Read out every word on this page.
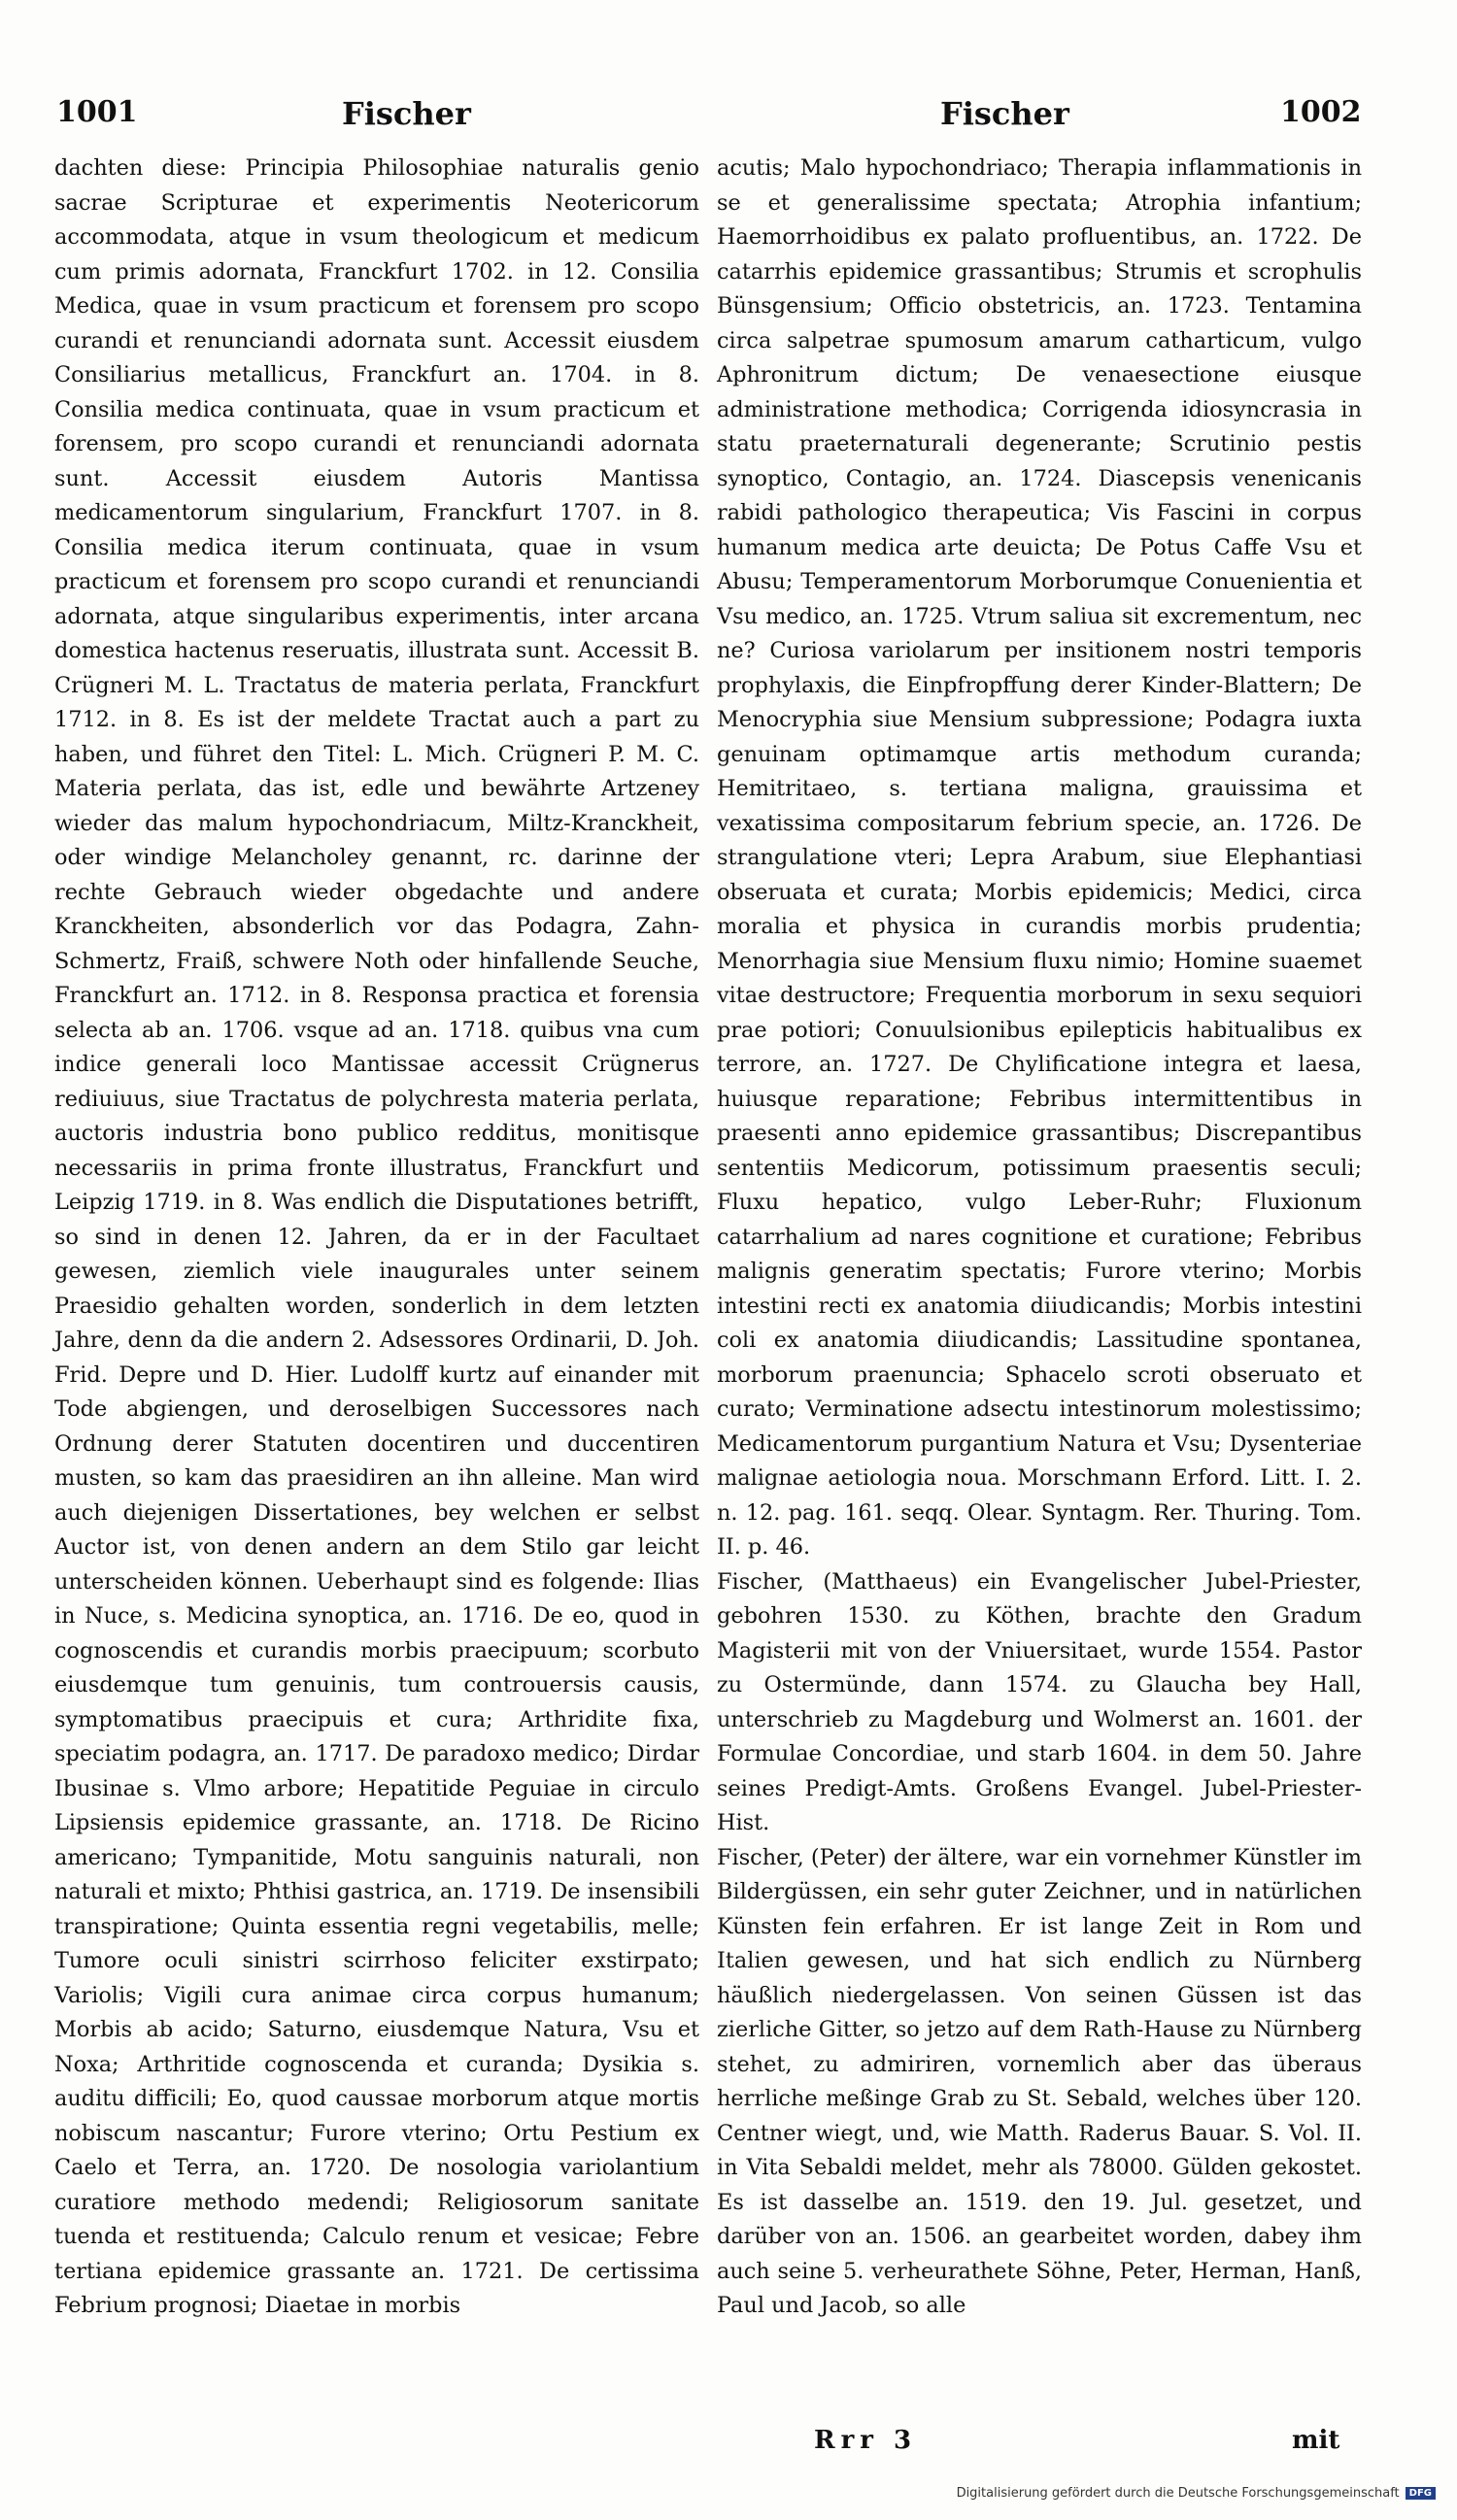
1001	Fischer	Fischer	1002

dachten diese: Principia Philosophiae naturalis genio sacrae Scripturae et experimentis Neotericorum accommodata, atque in vsum theologicum et medicum cum primis adornata, Franckfurt 1702. in 12. Consilia Medica, quae in vsum practicum et forensem pro scopo curandi et renunciandi adornata sunt. Accessit eiusdem Consiliarius metallicus, Franckfurt an. 1704. in 8. Consilia medica continuata, quae in vsum practicum et forensem, pro scopo curandi et renunciandi adornata sunt. Accessit eiusdem Autoris Mantissa medicamentorum singularium, Franckfurt 1707. in 8. Consilia medica iterum continuata, quae in vsum practicum et forensem pro scopo curandi et renunciandi adornata, atque singularibus experimentis, inter arcana domestica hactenus reseruatis, illustrata sunt. Accessit B. Crügneri M. L. Tractatus de materia perlata, Franckfurt 1712. in 8. Es ist der meldete Tractat auch a part zu haben, und führet den Titel: L. Mich. Crügneri P. M. C. Materia perlata, das ist, edle und bewährte Artzeney wieder das malum hypochondriacum, Miltz-Kranckheit, oder windige Melancholey genannt, rc. darinne der rechte Gebrauch wieder obgedachte und andere Kranckheiten, absonderlich vor das Podagra, Zahn-Schmertz, Fraiß, schwere Noth oder hinfallende Seuche, Franckfurt an. 1712. in 8. Responsa practica et forensia selecta ab an. 1706. vsque ad an. 1718. quibus vna cum indice generali loco Mantissae accessit Crügnerus rediuiuus, siue Tractatus de polychresta materia perlata, auctoris industria bono publico redditus, monitisque necessariis in prima fronte illustratus, Franckfurt und Leipzig 1719. in 8. Was endlich die Disputationes betrifft, so sind in denen 12. Jahren, da er in der Facultaet gewesen, ziemlich viele inaugurales unter seinem Praesidio gehalten worden, sonderlich in dem letzten Jahre, denn da die andern 2. Adsessores Ordinarii, D. Joh. Frid. Depre und D. Hier. Ludolff kurtz auf einander mit Tode abgiengen, und deroselbigen Successores nach Ordnung derer Statuten docentiren und duccentiren musten, so kam das praesidiren an ihn alleine. Man wird auch diejenigen Dissertationes, bey welchen er selbst Auctor ist, von denen andern an dem Stilo gar leicht unterscheiden können. Ueberhaupt sind es folgende: Ilias in Nuce, s. Medicina synoptica, an. 1716. De eo, quod in cognoscendis et curandis morbis praecipuum; scorbuto eiusdemque tum genuinis, tum controuersis causis, symptomatibus praecipuis et cura; Arthridite fixa, speciatim podagra, an. 1717. De paradoxo medico; Dirdar Ibusinae s. Vlmo arbore; Hepatitide Peguiae in circulo Lipsiensis epidemice grassante, an. 1718. De Ricino americano; Tympanitide, Motu sanguinis naturali, non naturali et mixto; Phthisi gastrica, an. 1719. De insensibili transpiratione; Quinta essentia regni vegetabilis, melle; Tumore oculi sinistri scirrhoso feliciter exstirpato; Variolis; Vigili cura animae circa corpus humanum; Morbis ab acido; Saturno, eiusdemque Natura, Vsu et Noxa; Arthritide cognoscenda et curanda; Dysikia s. auditu difficili; Eo, quod caussae morborum atque mortis nobiscum nascantur; Furore vterino; Ortu Pestium ex Caelo et Terra, an. 1720. De nosologia variolantium curatiore methodo medendi; Religiosorum sanitate tuenda et restituenda; Calculo renum et vesicae; Febre tertiana epidemice grassante an. 1721. De certissima Febrium prognosi; Diaetae in morbis

acutis; Malo hypochondriaco; Therapia inflammationis in se et generalissime spectata; Atrophia infantium; Haemorrhoidibus ex palato profluentibus, an. 1722. De catarrhis epidemice grassantibus; Strumis et scrophulis Bünsgensium; Officio obstetricis, an. 1723. Tentamina circa salpetrae spumosum amarum catharticum, vulgo Aphronitrum dictum; De venaesectione eiusque administratione methodica; Corrigenda idiosyncrasia in statu praeternaturali degenerante; Scrutinio pestis synoptico, Contagio, an. 1724. Diascepsis venenicanis rabidi pathologico therapeutica; Vis Fascini in corpus humanum medica arte deuicta; De Potus Caffe Vsu et Abusu; Temperamentorum Morborumque Conuenientia et Vsu medico, an. 1725. Vtrum saliua sit excrementum, nec ne? Curiosa variolarum per insitionem nostri temporis prophylaxis, die Einpfropffung derer Kinder-Blattern; De Menocryphia siue Mensium subpressione; Podagra iuxta genuinam optimamque artis methodum curanda; Hemitritaeo, s. tertiana maligna, grauissima et vexatissima compositarum febrium specie, an. 1726. De strangulatione vteri; Lepra Arabum, siue Elephantiasi obseruata et curata; Morbis epidemicis; Medici, circa moralia et physica in curandis morbis prudentia; Menorrhagia siue Mensium fluxu nimio; Homine suaemet vitae destructore; Frequentia morborum in sexu sequiori prae potiori; Conuulsionibus epilepticis habitualibus ex terrore, an. 1727. De Chylificatione integra et laesa, huiusque reparatione; Febribus intermittentibus in praesenti anno epidemice grassantibus; Discrepantibus sententiis Medicorum, potissimum praesentis seculi; Fluxu hepatico, vulgo Leber-Ruhr; Fluxionum catarrhalium ad nares cognitione et curatione; Febribus malignis generatim spectatis; Furore vterino; Morbis intestini recti ex anatomia diiudicandis; Morbis intestini coli ex anatomia diiudicandis; Lassitudine spontanea, morborum praenuncia; Sphacelo scroti obseruato et curato; Verminatione adsectu intestinorum molestissimo; Medicamentorum purgantium Natura et Vsu; Dysenteriae malignae aetiologia noua. Morschmann Erford. Litt. I. 2. n. 12. pag. 161. seqq. Olear. Syntagm. Rer. Thuring. Tom. II. p. 46.

Fischer, (Matthaeus) ein Evangelischer Jubel-Priester, gebohren 1530. zu Köthen, brachte den Gradum Magisterii mit von der Vniuersitaet, wurde 1554. Pastor zu Ostermünde, dann 1574. zu Glaucha bey Hall, unterschrieb zu Magdeburg und Wolmerst an. 1601. der Formulae Concordiae, und starb 1604. in dem 50. Jahre seines Predigt-Amts. Großens Evangel. Jubel-Priester-Hist.

Fischer, (Peter) der ältere, war ein vornehmer Künstler im Bildergüssen, ein sehr guter Zeichner, und in natürlichen Künsten fein erfahren. Er ist lange Zeit in Rom und Italien gewesen, und hat sich endlich zu Nürnberg häußlich niedergelassen. Von seinen Güssen ist das zierliche Gitter, so jetzo auf dem Rath-Hause zu Nürnberg stehet, zu admiriren, vornemlich aber das überaus herrliche meßinge Grab zu St. Sebald, welches über 120. Centner wiegt, und, wie Matth. Raderus Bauar. S. Vol. II. in Vita Sebaldi meldet, mehr als 78000. Gülden gekostet. Es ist dasselbe an. 1519. den 19. Jul. gesetzet, und darüber von an. 1506. an gearbeitet worden, dabey ihm auch seine 5. verheurathete Söhne, Peter, Herman, Hanß, Paul und Jacob, so alle

Rrr 3	mit
Digitalisierung gefördert durch die Deutsche Forschungsgemeinschaft	DFG
